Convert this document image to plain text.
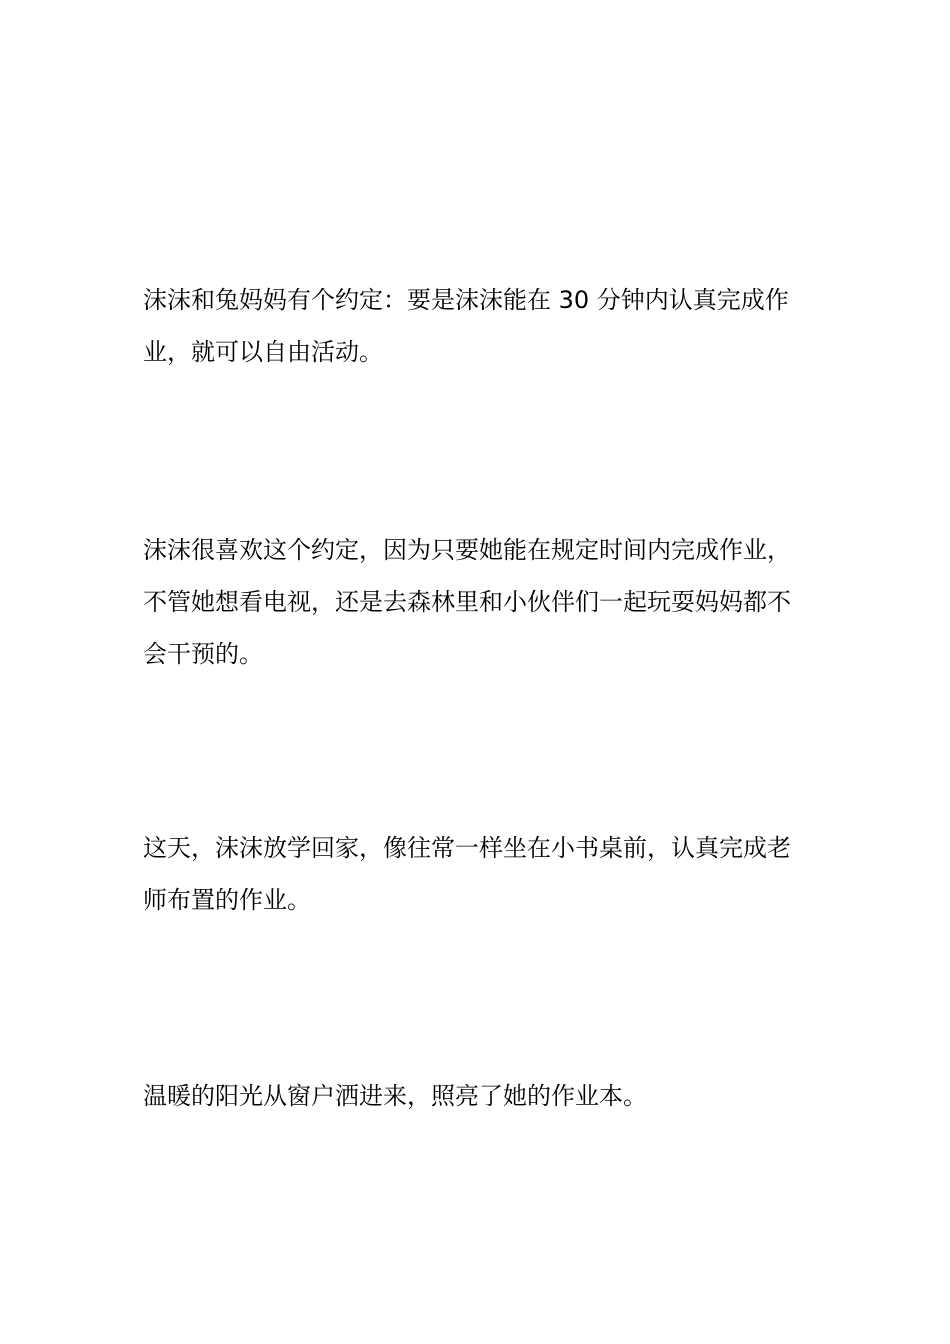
沫沫和兔妈妈有个约定：要是沫沫能在 30 分钟内认真完成作业，就可以自由活动。

沫沫很喜欢这个约定，因为只要她能在规定时间内完成作业，不管她想看电视，还是去森林里和小伙伴们一起玩耍妈妈都不会干预的。

这天，沫沫放学回家，像往常一样坐在小书桌前，认真完成老师布置的作业。

温暖的阳光从窗户洒进来，照亮了她的作业本。
